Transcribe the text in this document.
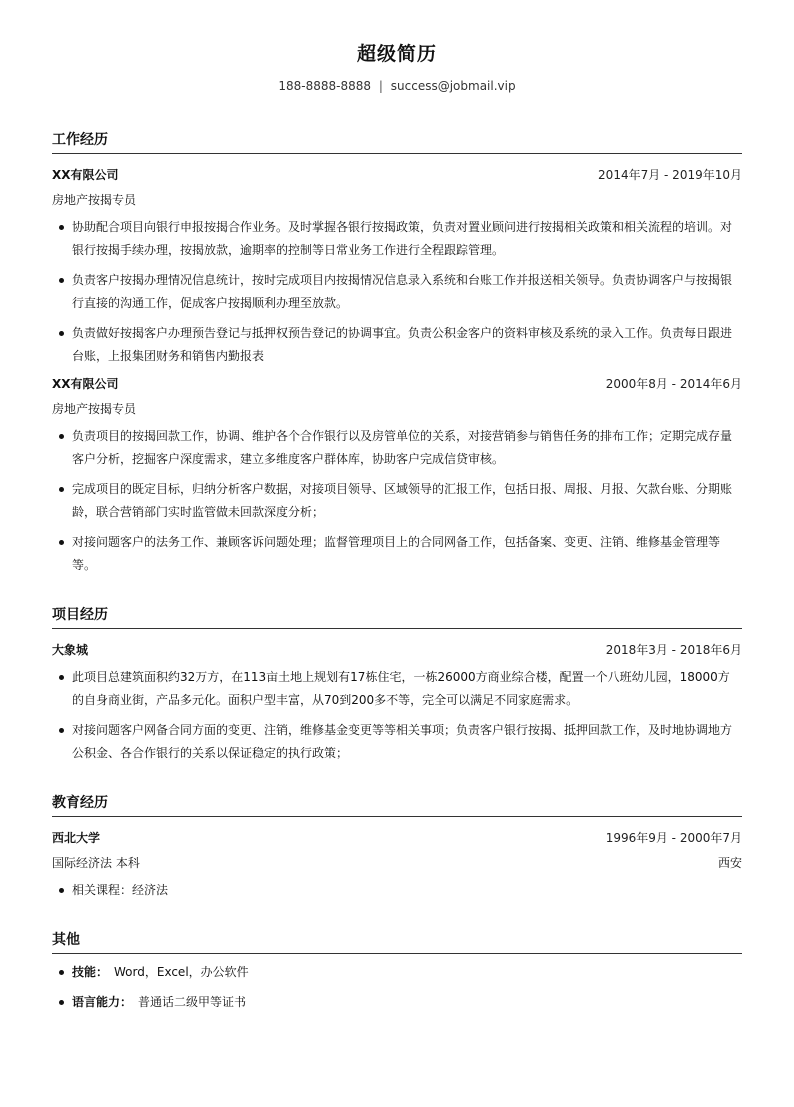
超级简历
188-8888-8888 | success@jobmail.vip
工作经历
XX有限公司	2014年7月 - 2019年10月
房地产按揭专员
协助配合项目向银行申报按揭合作业务。及时掌握各银行按揭政策，负责对置业顾问进行按揭相关政策和相关流程的培训。对银行按揭手续办理，按揭放款，逾期率的控制等日常业务工作进行全程跟踪管理。
负责客户按揭办理情况信息统计，按时完成项目内按揭情况信息录入系统和台账工作并报送相关领导。负责协调客户与按揭银行直接的沟通工作，促成客户按揭顺利办理至放款。
负责做好按揭客户办理预告登记与抵押权预告登记的协调事宜。负责公积金客户的资料审核及系统的录入工作。负责每日跟进台账，上报集团财务和销售内勤报表
XX有限公司	2000年8月 - 2014年6月
房地产按揭专员
负责项目的按揭回款工作，协调、维护各个合作银行以及房管单位的关系，对接营销参与销售任务的排布工作；定期完成存量客户分析，挖掘客户深度需求，建立多维度客户群体库，协助客户完成信贷审核。
完成项目的既定目标，归纳分析客户数据，对接项目领导、区域领导的汇报工作，包括日报、周报、月报、欠款台账、分期账龄，联合营销部门实时监管做未回款深度分析；
对接问题客户的法务工作、兼顾客诉问题处理；监督管理项目上的合同网备工作，包括备案、变更、注销、维修基金管理等等。
项目经历
大象城	2018年3月 - 2018年6月
此项目总建筑面积约32万方，在113亩土地上规划有17栋住宅，一栋26000方商业综合楼，配置一个八班幼儿园，18000方的自身商业街，产品多元化。面积户型丰富，从70到200多不等，完全可以满足不同家庭需求。
对接问题客户网备合同方面的变更、注销，维修基金变更等等相关事项；负责客户银行按揭、抵押回款工作，及时地协调地方公积金、各合作银行的关系以保证稳定的执行政策；
教育经历
西北大学	1996年9月 - 2000年7月
国际经济法 本科	西安
相关课程：经济法
其他
技能： Word，Excel，办公软件
语言能力： 普通话二级甲等证书
